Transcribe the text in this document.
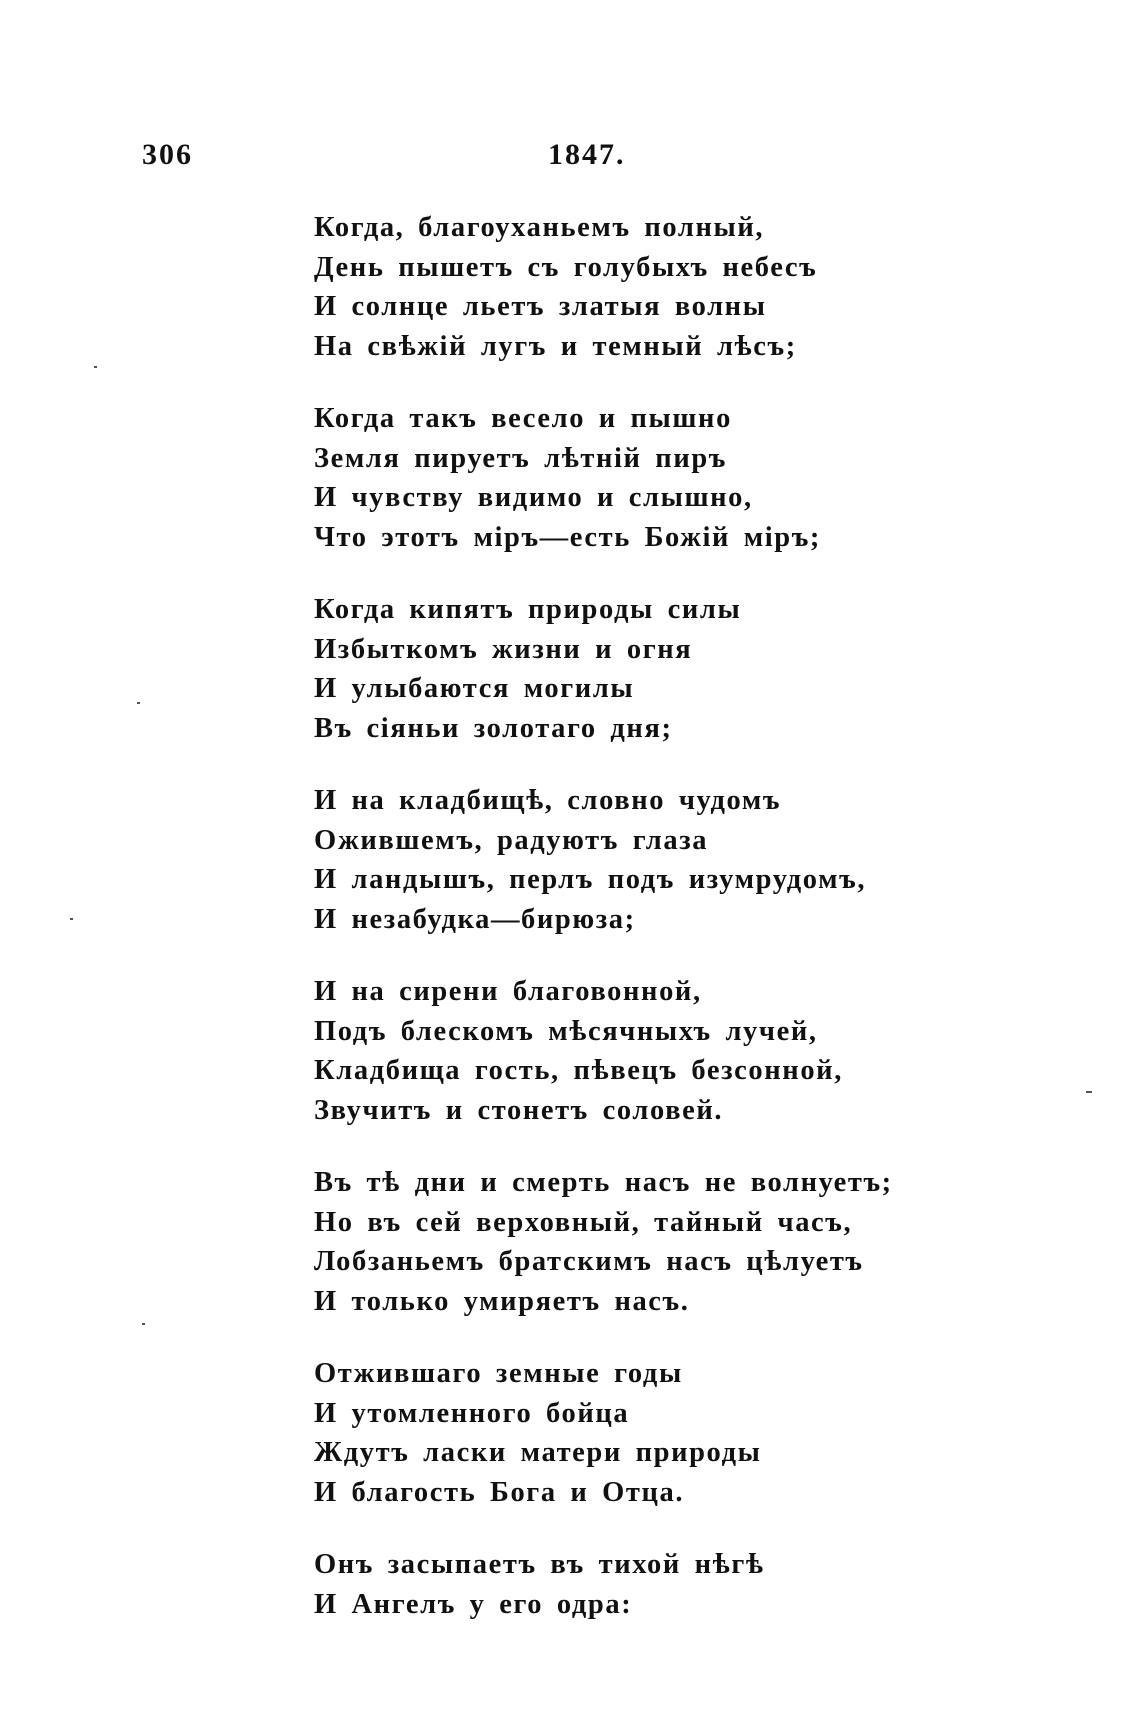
306	1847.
Когда, благоуханьемъ полный,
День пышетъ съ голубыхъ небесъ
И солнце льетъ златыя волны
На свѣжій лугъ и темный лѣсъ;
Когда такъ весело и пышно
Земля пируетъ лѣтній пиръ
И чувству видимо и слышно,
Что этотъ міръ—есть Божій міръ;
Когда кипятъ природы силы
Избыткомъ жизни и огня
И улыбаются могилы
Въ сіяньи золотаго дня;
И на кладбищѣ, словно чудомъ
Ожившемъ, радуютъ глаза
И ландышъ, перлъ подъ изумрудомъ,
И незабудка—бирюза;
И на сирени благовонной,
Подъ блескомъ мѣсячныхъ лучей,
Кладбища гость, пѣвецъ безсонной,
Звучитъ и стонетъ соловей.
Въ тѣ дни и смерть насъ не волнуетъ;
Но въ сей верховный, тайный часъ,
Лобзаньемъ братскимъ насъ цѣлуетъ
И только умиряетъ насъ.
Отжившаго земные годы
И утомленного бойца
Ждутъ ласки матери природы
И благость Бога и Отца.
Онъ засыпаетъ въ тихой нѣгѣ
И Ангелъ у его одра:
